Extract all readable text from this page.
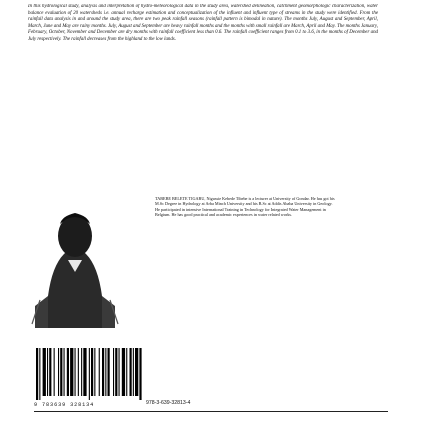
In this hydrological study, analysis and interpretation of hydro-meteorological data in the study area, watershed delineation, catchment geomorphologic characterization, water balance evaluation of 20 watersheds i.e. annual recharge estimation and conceptualization of the influent and influent type of streams in the study were identified. From the rainfall data analysis in and around the study area, there are two peak rainfall seasons (rainfall pattern is bimodal in nature). The months July, August and September, April, March, June and May are rainy months. July, August and September are heavy rainfall months and the months with small rainfall are March, April and May. The months January, February, October, November and December are dry months with rainfall coefficient less than 0.6. The rainfall coefficient ranges from 0.1 to 3.6, in the months of December and July respectively. The rainfall decreases from the highland to the low lands.

TABEBE BELETE TIGABU, Nigussie Kebede Tibebe is a lecturer at University of Gondar. He has got his M.Sc Degree in Hydrology at Arba Minch University and his B.Sc at Addis Ababa University in Geology. He participated in intensive International Training in Technology for Integrated Water Management in Belgium. He has good practical and academic experiences in water related works.

9 783639 328134	978-3-639-32813-4
